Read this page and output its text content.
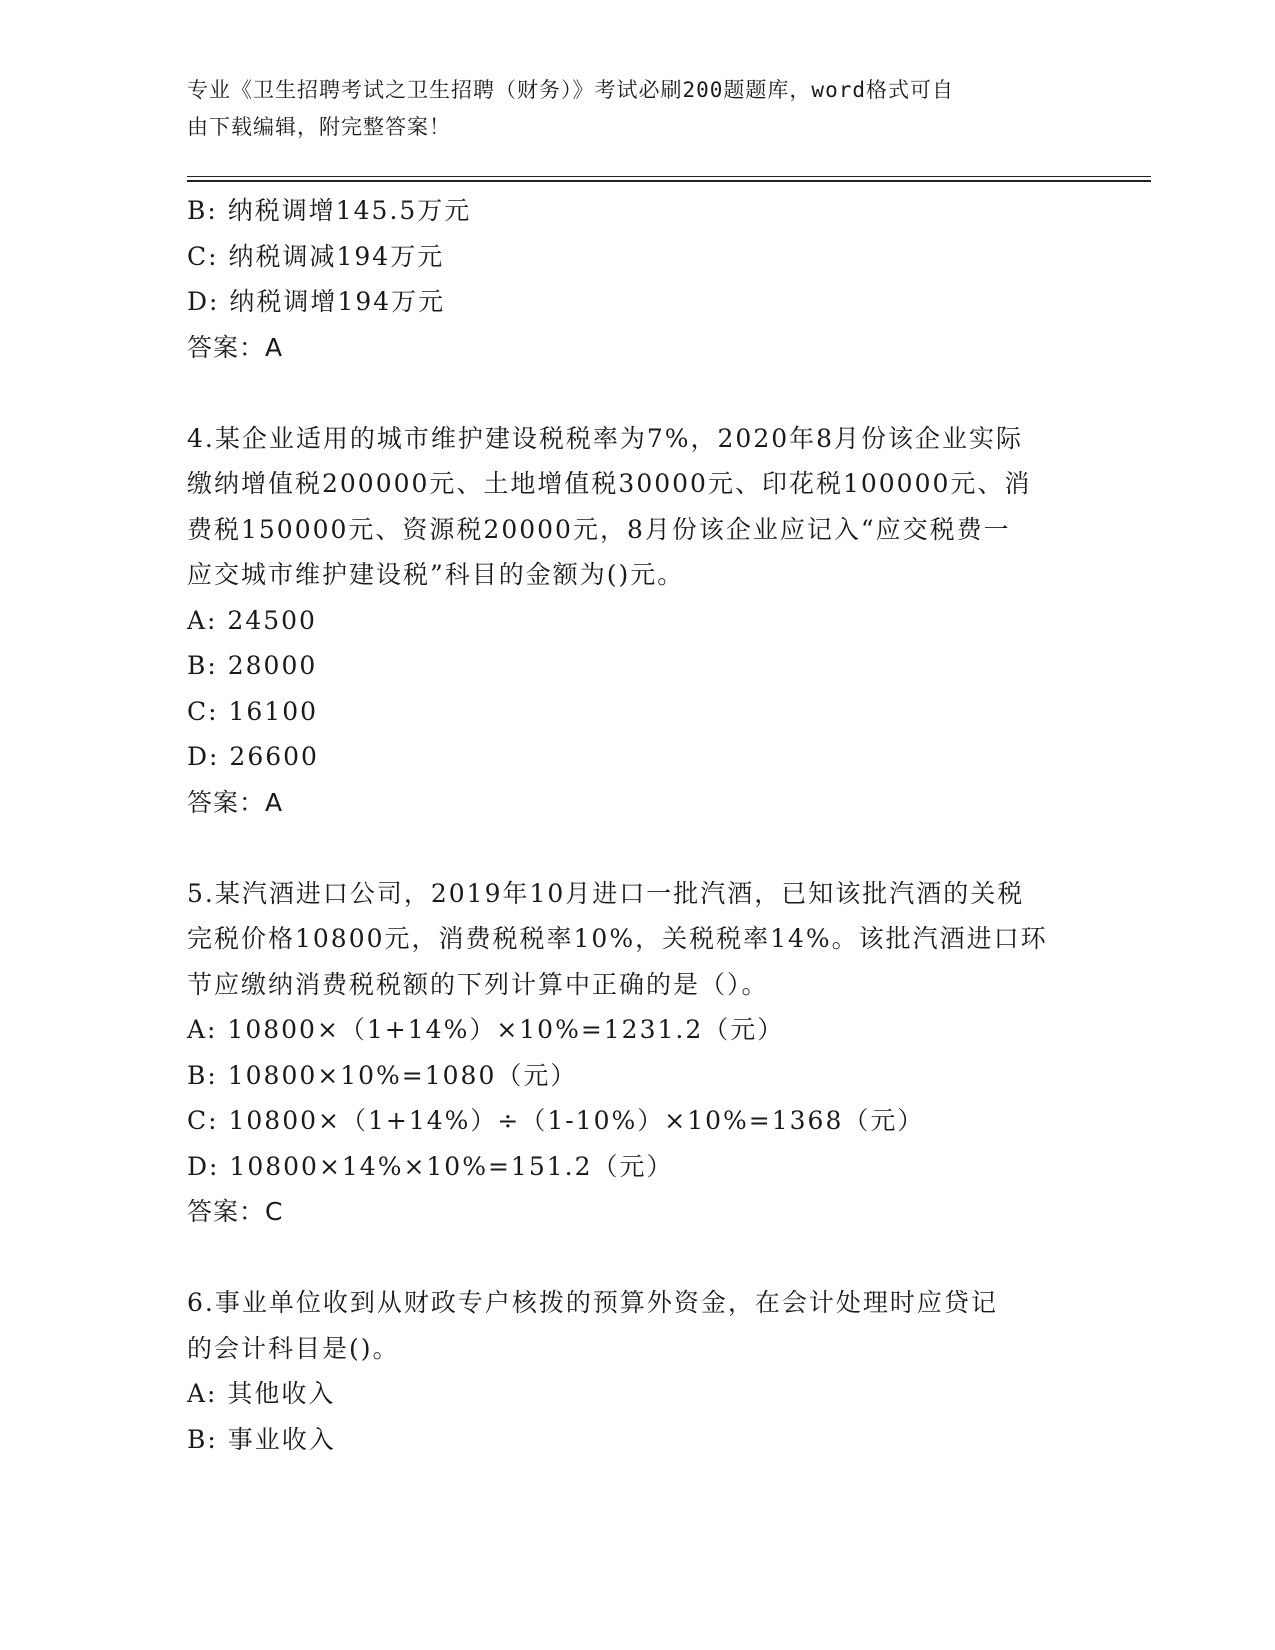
专业《卫生招聘考试之卫生招聘（财务）》考试必刷200题题库，word格式可自
由下载编辑，附完整答案！
B: 纳税调增145.5万元
C: 纳税调减194万元
D: 纳税调增194万元
答案：A
4.某企业适用的城市维护建设税税率为7%，2020年8月份该企业实际
缴纳增值税200000元、土地增值税30000元、印花税100000元、消
费税150000元、资源税20000元，8月份该企业应记入“应交税费一
应交城市维护建设税”科目的金额为()元。
A: 24500
B: 28000
C: 16100
D: 26600
答案：A
5.某汽酒进口公司，2019年10月进口一批汽酒，已知该批汽酒的关税
完税价格10800元，消费税税率10%，关税税率14%。该批汽酒进口环
节应缴纳消费税税额的下列计算中正确的是（）。
A: 10800×（1+14%）×10%=1231.2（元）
B: 10800×10%=1080（元）
C: 10800×（1+14%）÷（1-10%）×10%=1368（元）
D: 10800×14%×10%=151.2（元）
答案：C
6.事业单位收到从财政专户核拨的预算外资金，在会计处理时应贷记
的会计科目是()。
A: 其他收入
B: 事业收入
